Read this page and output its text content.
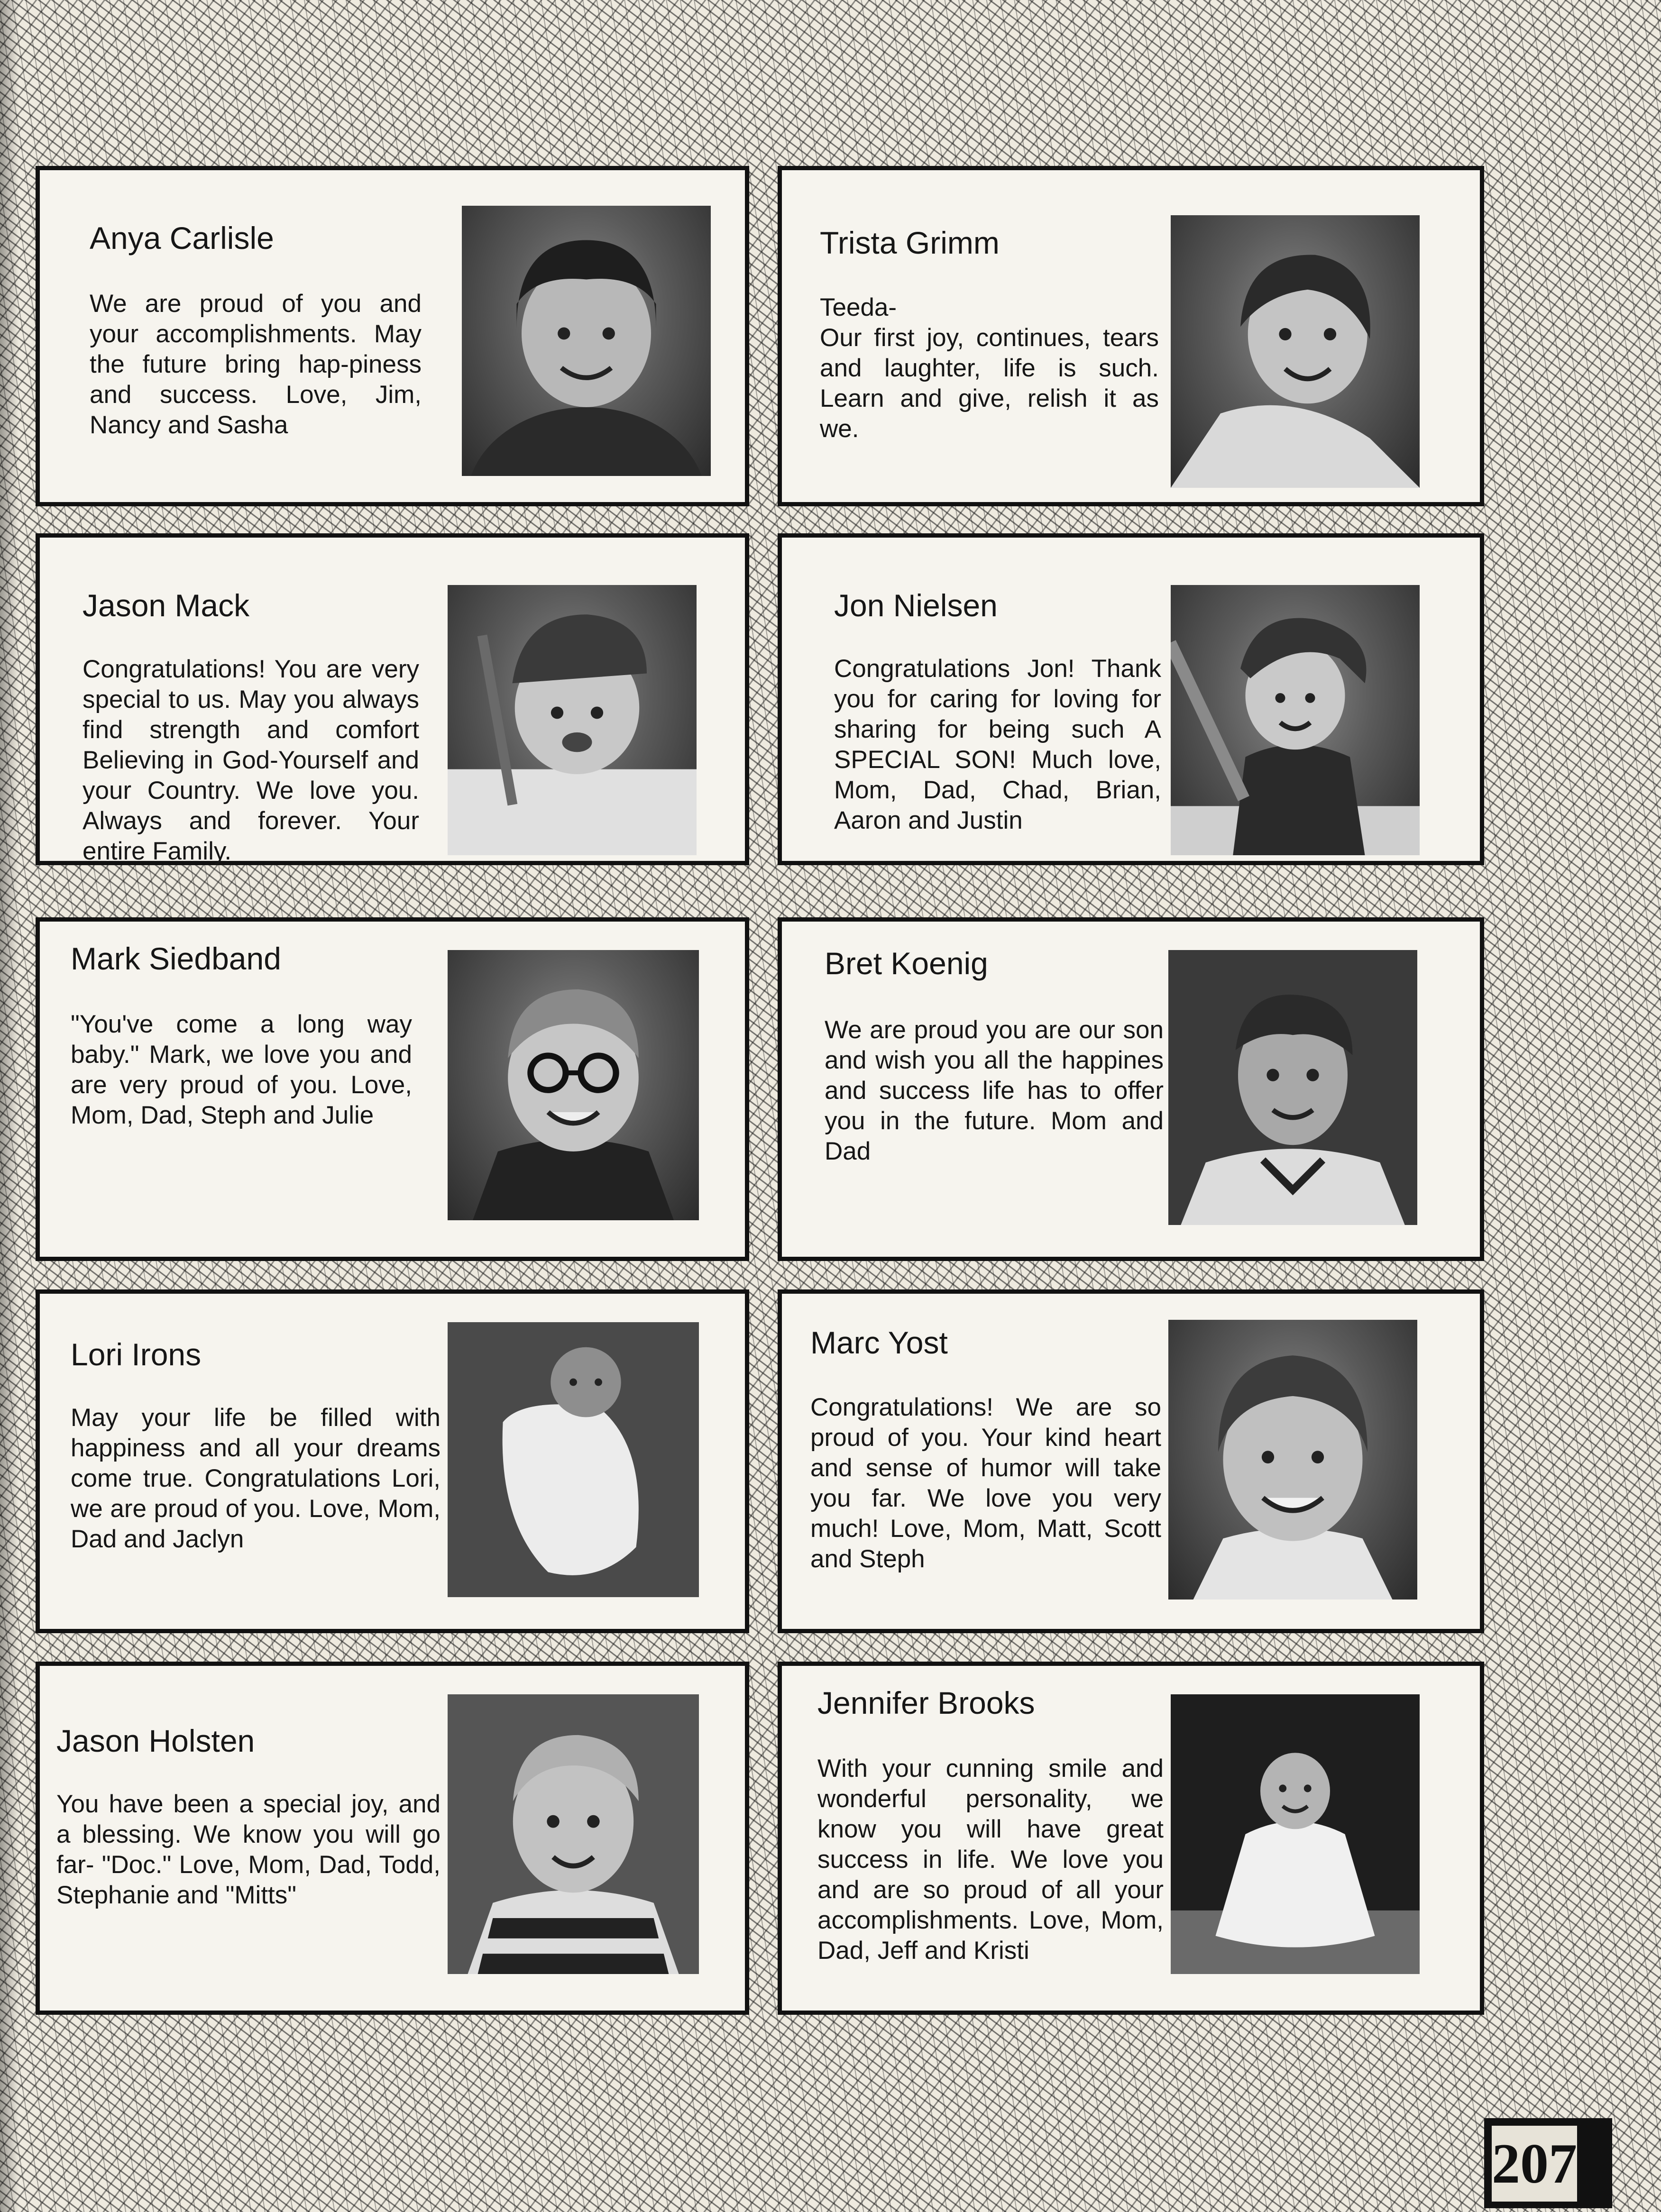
Anya Carlisle

We are proud of you and your accomplishments. May the future bring hap-piness and success. Love, Jim, Nancy and Sasha

Trista Grimm

Teeda-
Our first joy, continues, tears and laughter, life is such. Learn and give, relish it as we.

Jason Mack

Congratulations! You are very special to us. May you always find strength and comfort Believing in God-Yourself and your Country. We love you. Always and forever. Your entire Family.

Jon Nielsen

Congratulations Jon! Thank you for caring for loving for sharing for being such A SPECIAL SON! Much love, Mom, Dad, Chad, Brian, Aaron and Justin

Mark Siedband

"You've come a long way baby." Mark, we love you and are very proud of you. Love, Mom, Dad, Steph and Julie

Bret Koenig

We are proud you are our son and wish you all the happines and success life has to offer you in the future. Mom and Dad

Lori Irons

May your life be filled with happiness and all your dreams come true. Congratulations Lori, we are proud of you. Love, Mom, Dad and Jaclyn

Marc Yost

Congratulations! We are so proud of you. Your kind heart and sense of humor will take you far. We love you very much! Love, Mom, Matt, Scott and Steph

Jason Holsten

You have been a special joy, and a blessing. We know you will go far- "Doc." Love, Mom, Dad, Todd, Stephanie and "Mitts"

Jennifer Brooks

With your cunning smile and wonderful personality, we know you will have great success in life. We love you and are so proud of all your accomplishments. Love, Mom, Dad, Jeff and Kristi

207
